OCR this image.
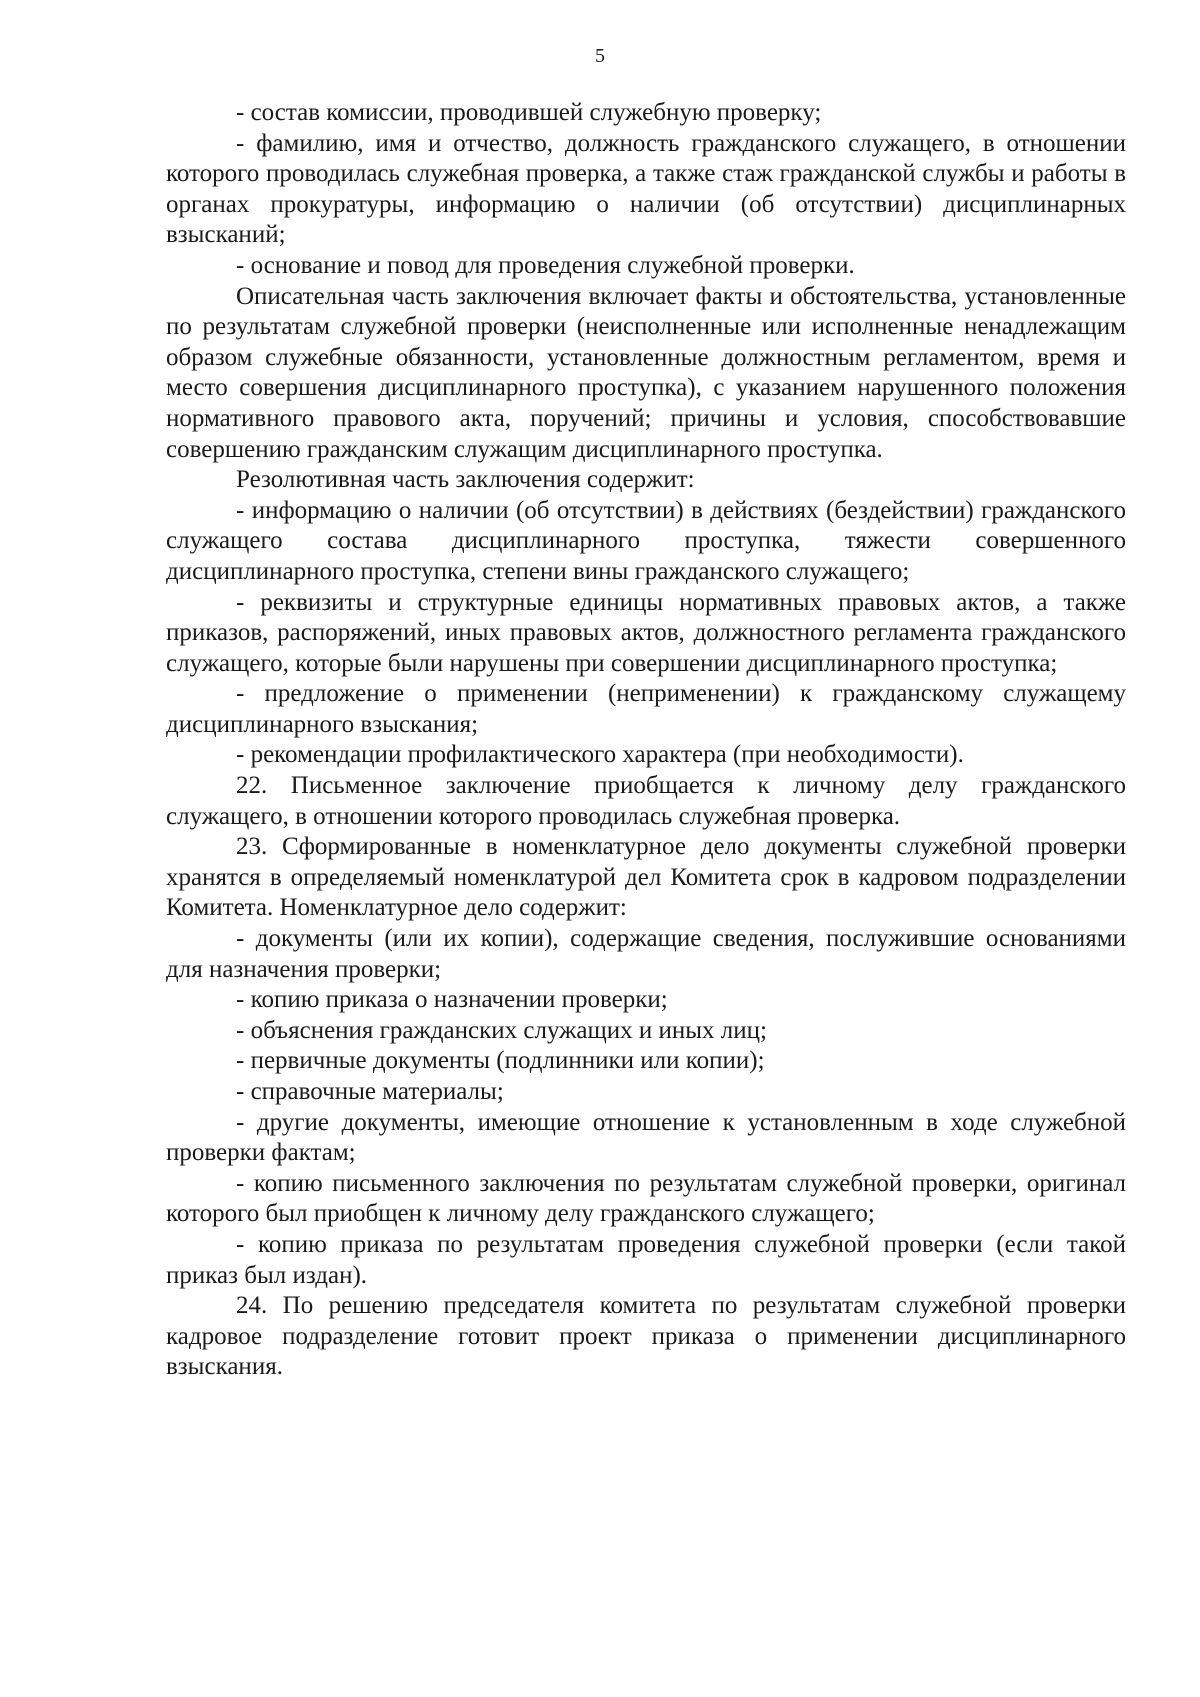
5

- состав комиссии, проводившей служебную проверку;

- фамилию, имя и отчество, должность гражданского служащего, в отношении которого проводилась служебная проверка, а также стаж гражданской службы и работы в органах прокуратуры, информацию о наличии (об отсутствии) дисциплинарных взысканий;

- основание и повод для проведения служебной проверки.

Описательная часть заключения включает факты и обстоятельства, установленные по результатам служебной проверки (неисполненные или исполненные ненадлежащим образом служебные обязанности, установленные должностным регламентом, время и место совершения дисциплинарного проступка), с указанием нарушенного положения нормативного правового акта, поручений; причины и условия, способствовавшие совершению гражданским служащим дисциплинарного проступка.

Резолютивная часть заключения содержит:

- информацию о наличии (об отсутствии) в действиях (бездействии) гражданского служащего состава дисциплинарного проступка, тяжести совершенного дисциплинарного проступка, степени вины гражданского служащего;

- реквизиты и структурные единицы нормативных правовых актов, а также приказов, распоряжений, иных правовых актов, должностного регламента гражданского служащего, которые были нарушены при совершении дисциплинарного проступка;

- предложение о применении (неприменении) к гражданскому служащему дисциплинарного взыскания;

- рекомендации профилактического характера (при необходимости).

22. Письменное заключение приобщается к личному делу гражданского служащего, в отношении которого проводилась служебная проверка.

23. Сформированные в номенклатурное дело документы служебной проверки хранятся в определяемый номенклатурой дел Комитета срок в кадровом подразделении Комитета. Номенклатурное дело содержит:

- документы (или их копии), содержащие сведения, послужившие основаниями для назначения проверки;

- копию приказа о назначении проверки;

- объяснения гражданских служащих и иных лиц;

- первичные документы (подлинники или копии);

- справочные материалы;

- другие документы, имеющие отношение к установленным в ходе служебной проверки фактам;

- копию письменного заключения по результатам служебной проверки, оригинал которого был приобщен к личному делу гражданского служащего;

- копию приказа по результатам проведения служебной проверки (если такой приказ был издан).

24. По решению председателя комитета по результатам служебной проверки кадровое подразделение готовит проект приказа о применении дисциплинарного взыскания.
